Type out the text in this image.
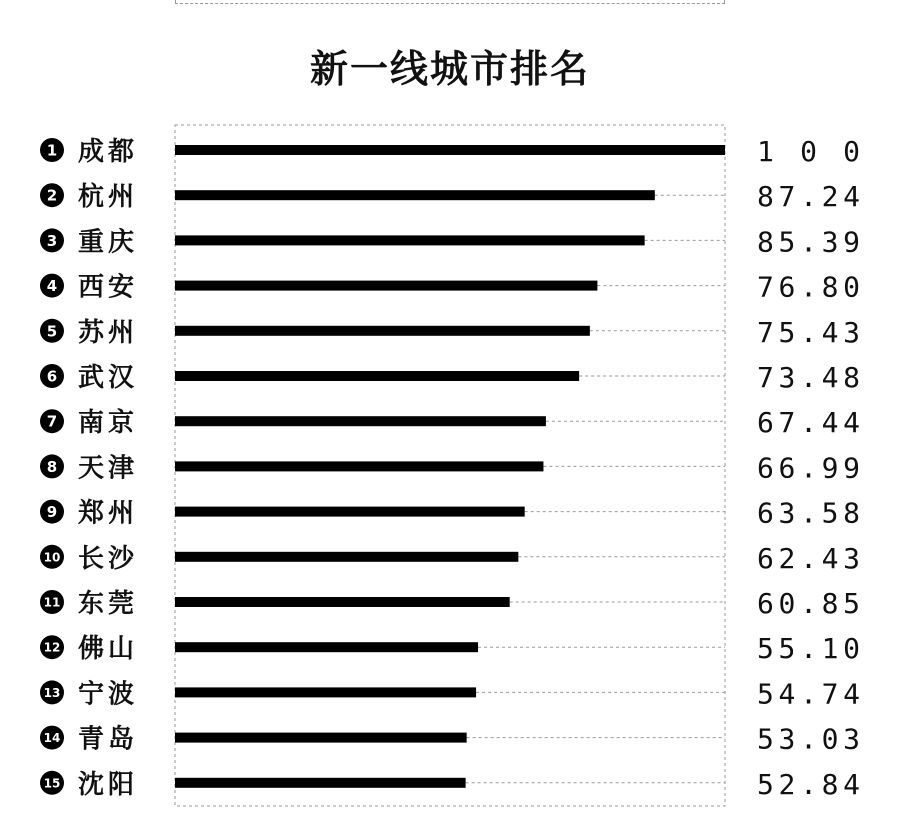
新一线城市排名
1 成都	100
2 杭州	87.24
3 重庆	85.39
4 西安	76.80
5 苏州	75.43
6 武汉	73.48
7 南京	67.44
8 天津	66.99
9 郑州	63.58
10 长沙	62.43
11 东莞	60.85
12 佛山	55.10
13 宁波	54.74
14 青岛	53.03
15 沈阳	52.84
